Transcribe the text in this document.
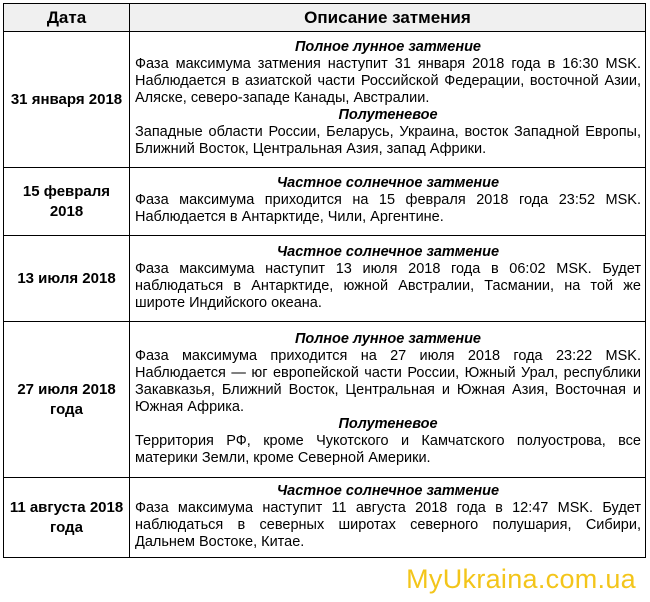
Дата	Описание затмения
31 января 2018	Полное лунное затмение
Фаза максимума затмения наступит 31 января 2018 года в 16:30 MSK. Наблюдается в азиатской части Российской Федерации, восточной Азии, Аляске, северо-западе Канады, Австралии.
Полутеневое
Западные области России, Беларусь, Украина, восток Западной Европы, Ближний Восток, Центральная Азия, запад Африки.

15 февраля 2018	Частное солнечное затмение
Фаза максимума приходится на 15 февраля 2018 года 23:52 MSK. Наблюдается в Антарктиде, Чили, Аргентине.

13 июля 2018	Частное солнечное затмение
Фаза максимума наступит 13 июля 2018 года в 06:02 MSK. Будет наблюдаться в Антарктиде, южной Австралии, Тасмании, на той же широте Индийского океана.

27 июля 2018 года	Полное лунное затмение
Фаза максимума приходится на 27 июля 2018 года 23:22 MSK. Наблюдается — юг европейской части России, Южный Урал, республики Закавказья, Ближний Восток, Центральная и Южная Азия, Восточная и Южная Африка.
Полутеневое
Территория РФ, кроме Чукотского и Камчатского полуострова, все материки Земли, кроме Северной Америки.

11 августа 2018 года	Частное солнечное затмение
Фаза максимума наступит 11 августа 2018 года в 12:47 MSK. Будет наблюдаться в северных широтах северного полушария, Сибири, Дальнем Востоке, Китае.
MyUkraina.com.ua
